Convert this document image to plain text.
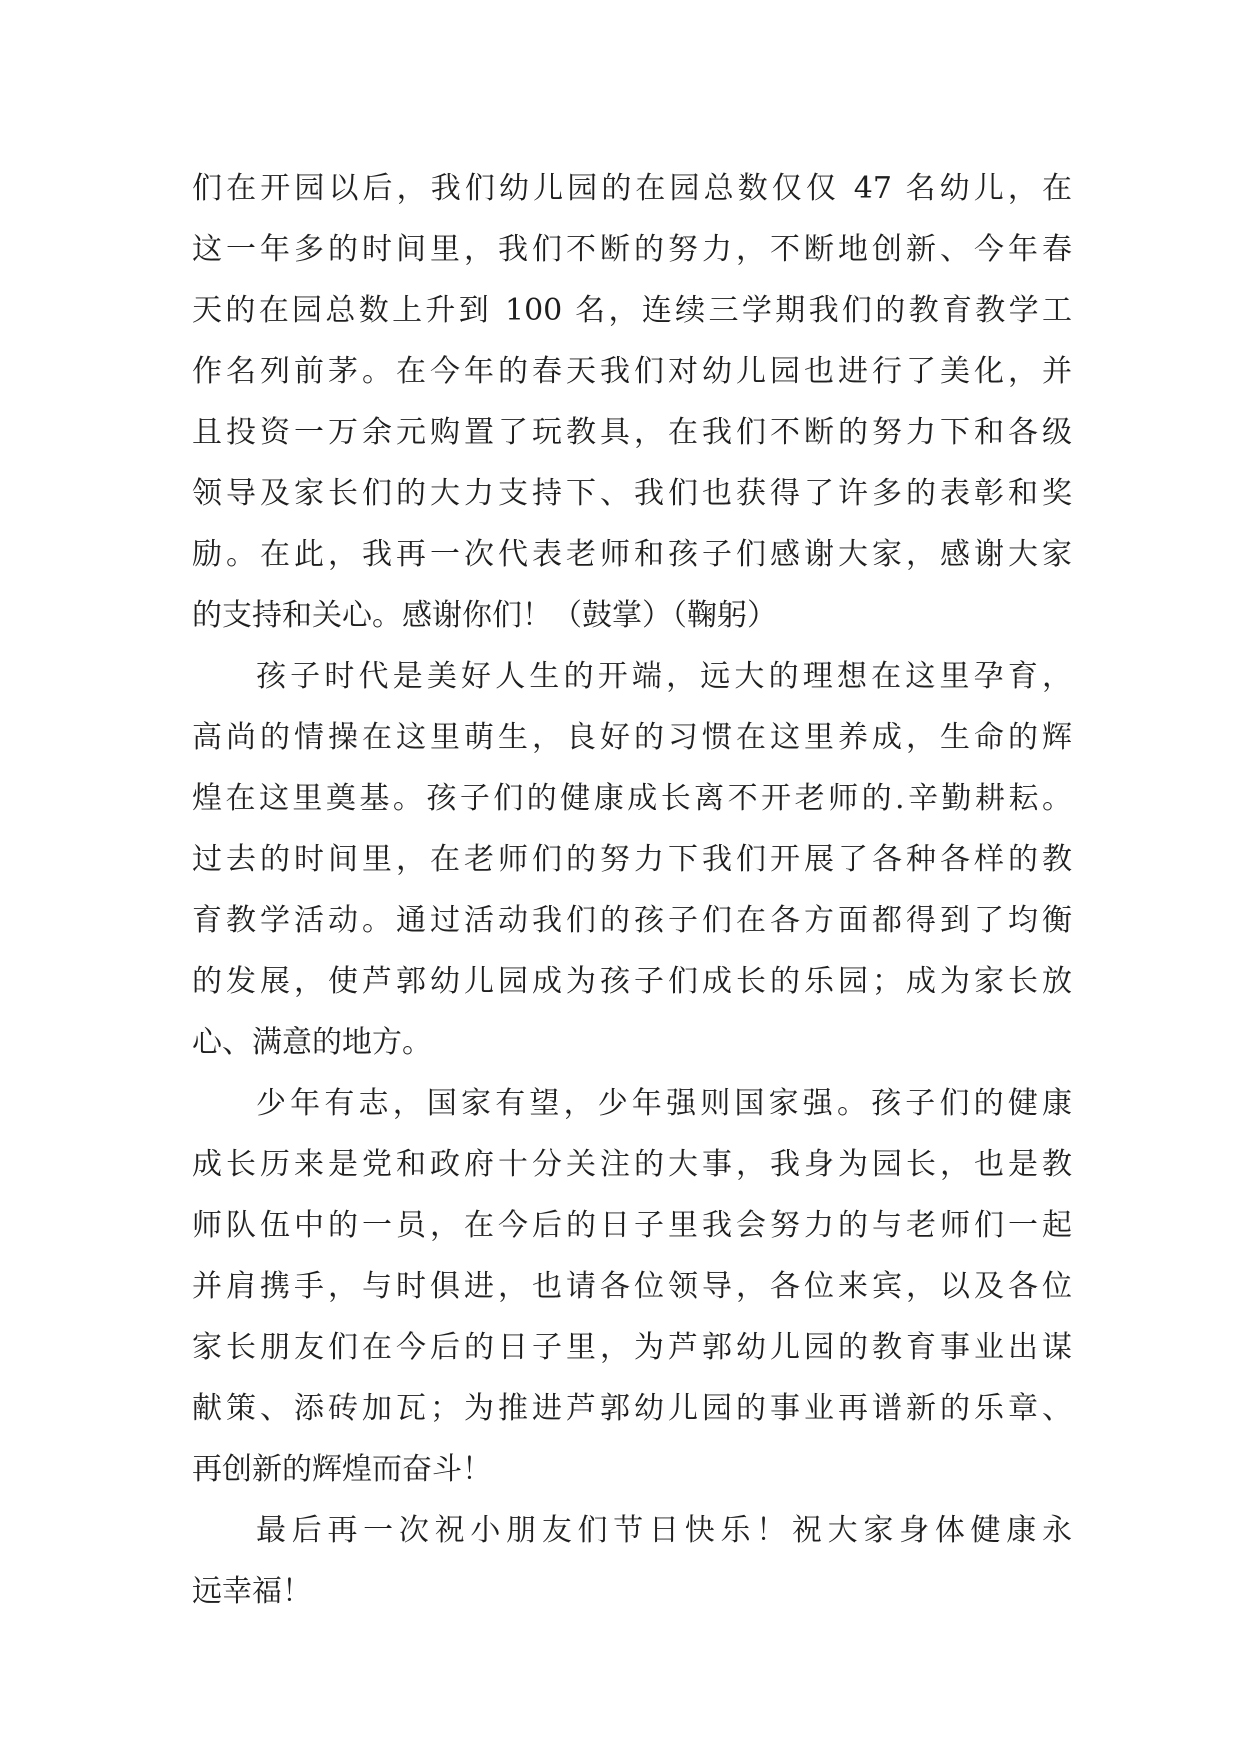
们在开园以后，我们幼儿园的在园总数仅仅 47 名幼儿，在
这一年多的时间里，我们不断的努力，不断地创新、今年春
天的在园总数上升到 100 名，连续三学期我们的教育教学工
作名列前茅。在今年的春天我们对幼儿园也进行了美化，并
且投资一万余元购置了玩教具，在我们不断的努力下和各级
领导及家长们的大力支持下、我们也获得了许多的表彰和奖
励。在此，我再一次代表老师和孩子们感谢大家，感谢大家
的支持和关心。感谢你们！（鼓掌）（鞠躬）
孩子时代是美好人生的开端，远大的理想在这里孕育，
高尚的情操在这里萌生，良好的习惯在这里养成，生命的辉
煌在这里奠基。孩子们的健康成长离不开老师的.辛勤耕耘。
过去的时间里，在老师们的努力下我们开展了各种各样的教
育教学活动。通过活动我们的孩子们在各方面都得到了均衡
的发展，使芦郭幼儿园成为孩子们成长的乐园；成为家长放
心、满意的地方。
少年有志，国家有望，少年强则国家强。孩子们的健康
成长历来是党和政府十分关注的大事，我身为园长，也是教
师队伍中的一员，在今后的日子里我会努力的与老师们一起
并肩携手，与时俱进，也请各位领导，各位来宾，以及各位
家长朋友们在今后的日子里，为芦郭幼儿园的教育事业出谋
献策、添砖加瓦；为推进芦郭幼儿园的事业再谱新的乐章、
再创新的辉煌而奋斗！
最后再一次祝小朋友们节日快乐！祝大家身体健康永
远幸福！
